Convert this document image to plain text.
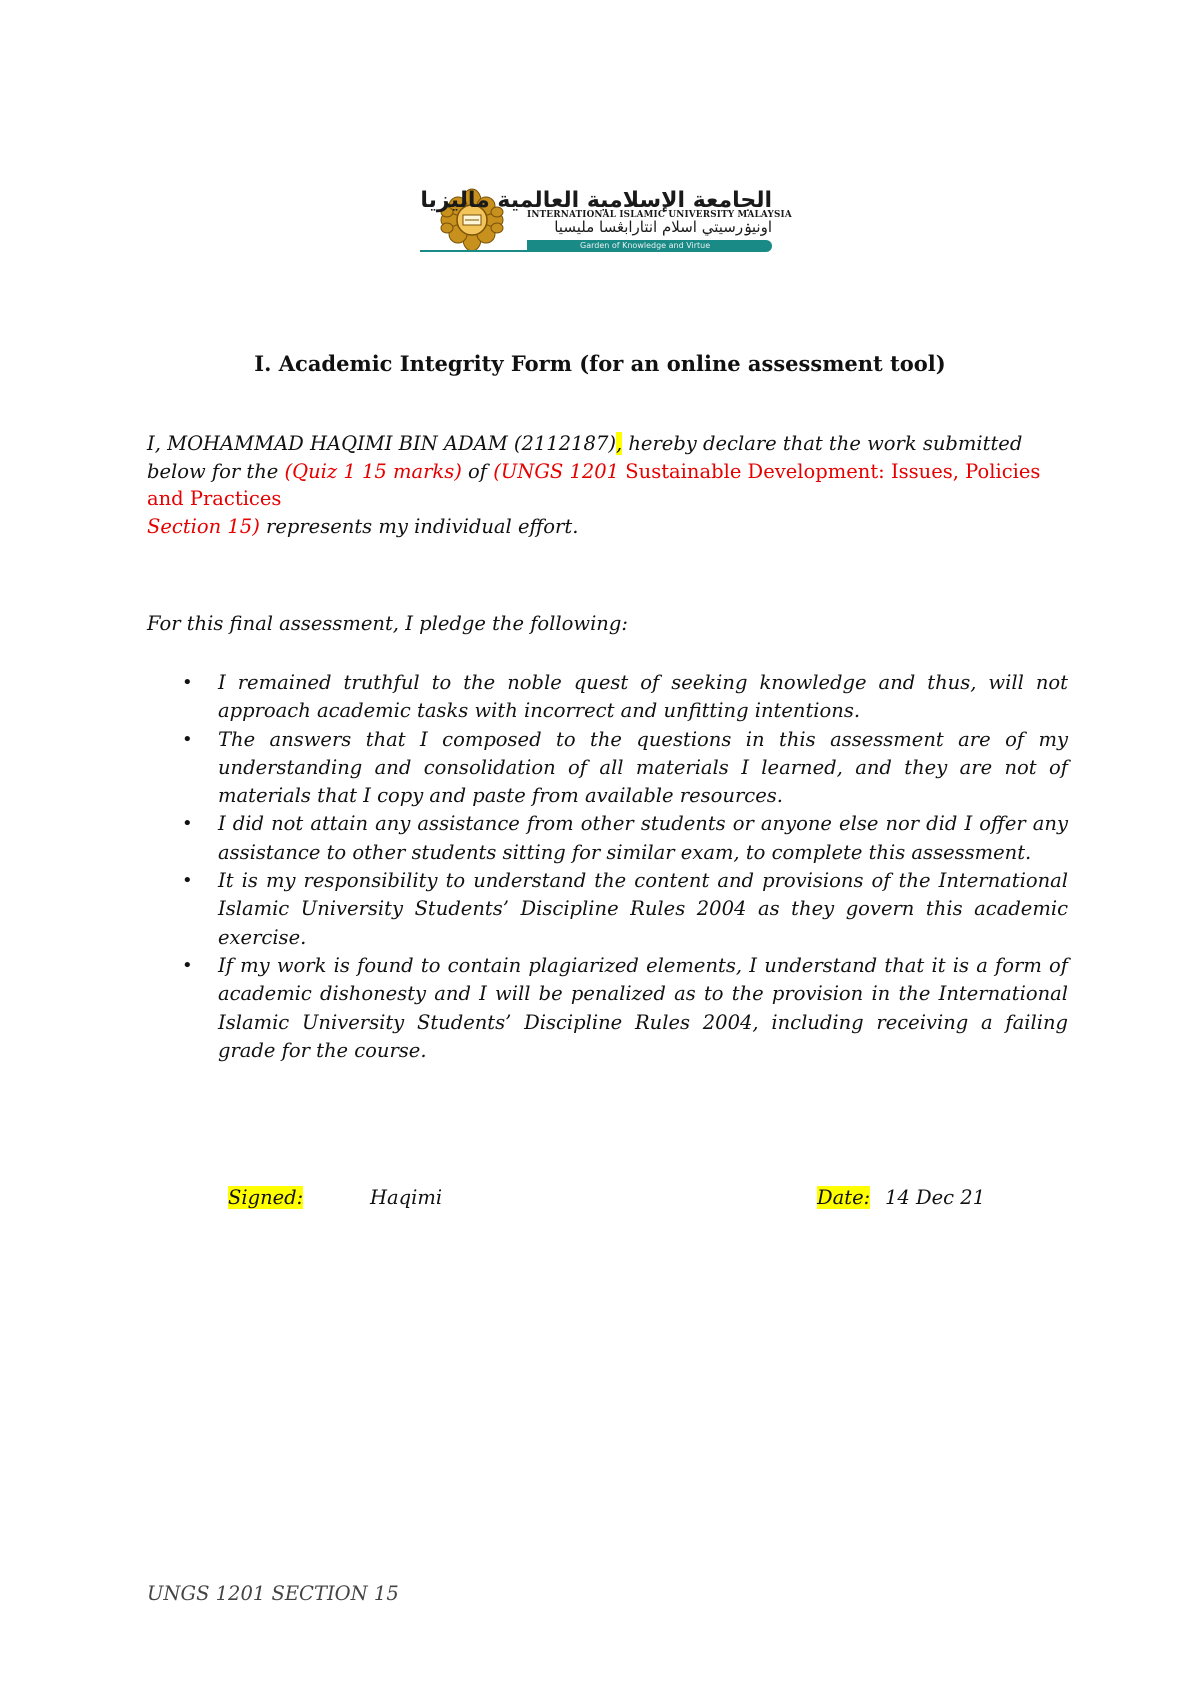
الجامعة الإسلامية العالمية ماليزيا
INTERNATIONAL ISLAMIC UNIVERSITY MALAYSIA
اونيۏرسيتي اسلام انتارابڠسا مليسيا
Garden of Knowledge and Virtue
I. Academic Integrity Form (for an online assessment tool)
I, MOHAMMAD HAQIMI BIN ADAM (2112187), hereby declare that the work submitted below for the (Quiz 1 15 marks) of (UNGS 1201 Sustainable Development: Issues, Policies and Practices
Section 15) represents my individual effort.
For this final assessment, I pledge the following:
• I remained truthful to the noble quest of seeking knowledge and thus, will not approach academic tasks with incorrect and unfitting intentions.
• The answers that I composed to the questions in this assessment are of my understanding and consolidation of all materials I learned, and they are not of materials that I copy and paste from available resources.
• I did not attain any assistance from other students or anyone else nor did I offer any assistance to other students sitting for similar exam, to complete this assessment.
• It is my responsibility to understand the content and provisions of the International Islamic University Students’ Discipline Rules 2004 as they govern this academic exercise.
• If my work is found to contain plagiarized elements, I understand that it is a form of academic dishonesty and I will be penalized as to the provision in the International Islamic University Students’ Discipline Rules 2004, including receiving a failing grade for the course.
Signed:	Haqimi	Date: 14 Dec 21
UNGS 1201 SECTION 15
